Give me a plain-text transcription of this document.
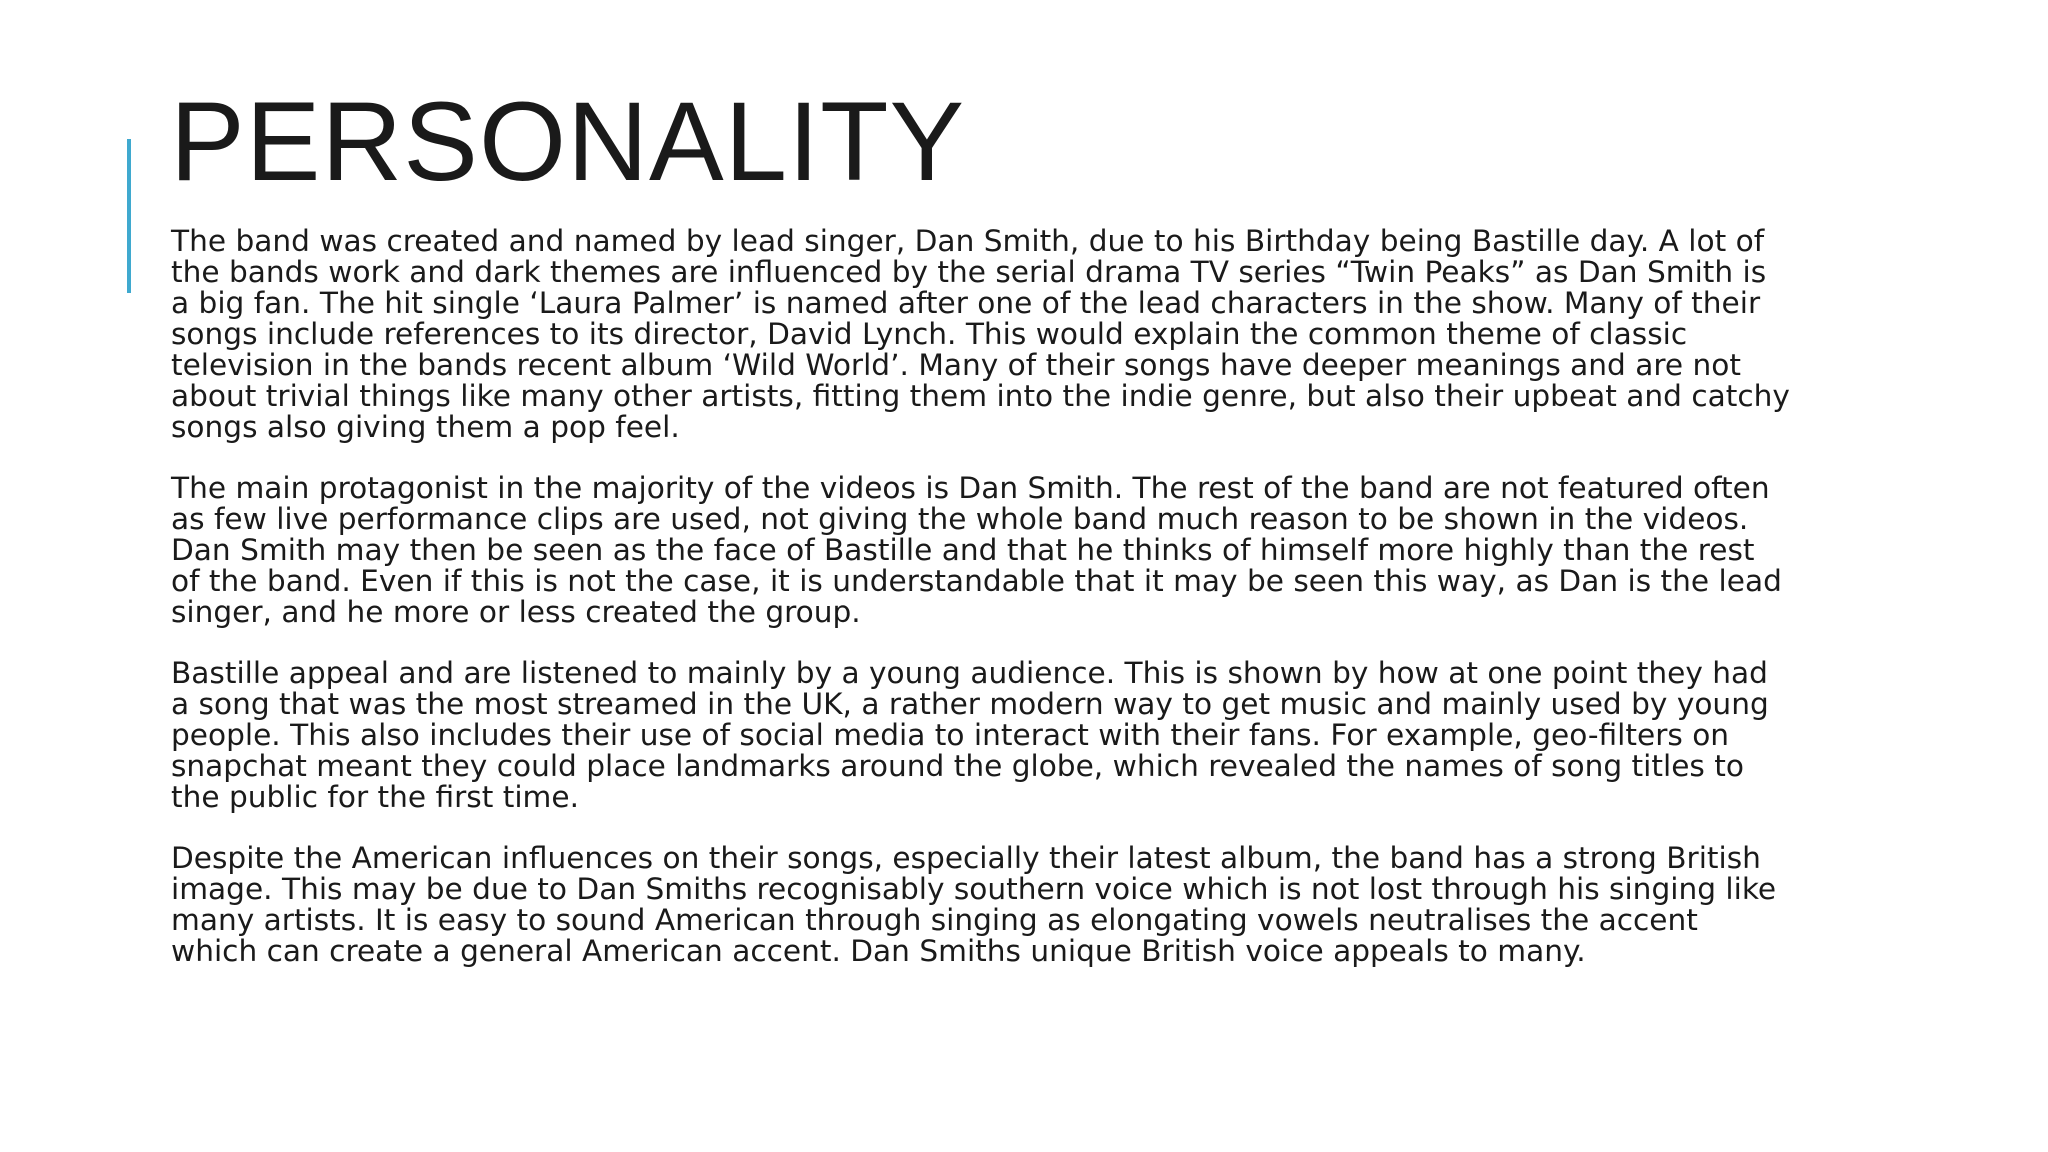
PERSONALITY

The band was created and named by lead singer, Dan Smith, due to his Birthday being Bastille day. A lot of the bands work and dark themes are influenced by the serial drama TV series “Twin Peaks” as Dan Smith is a big fan. The hit single ‘Laura Palmer’ is named after one of the lead characters in the show. Many of their songs include references to its director, David Lynch. This would explain the common theme of classic television in the bands recent album ‘Wild World’. Many of their songs have deeper meanings and are not about trivial things like many other artists, fitting them into the indie genre, but also their upbeat and catchy songs also giving them a pop feel.

The main protagonist in the majority of the videos is Dan Smith. The rest of the band are not featured often as few live performance clips are used, not giving the whole band much reason to be shown in the videos. Dan Smith may then be seen as the face of Bastille and that he thinks of himself more highly than the rest of the band. Even if this is not the case, it is understandable that it may be seen this way, as Dan is the lead singer, and he more or less created the group.

Bastille appeal and are listened to mainly by a young audience. This is shown by how at one point they had a song that was the most streamed in the UK, a rather modern way to get music and mainly used by young people. This also includes their use of social media to interact with their fans. For example, geo-filters on snapchat meant they could place landmarks around the globe, which revealed the names of song titles to the public for the first time.

Despite the American influences on their songs, especially their latest album, the band has a strong British image. This may be due to Dan Smiths recognisably southern voice which is not lost through his singing like many artists. It is easy to sound American through singing as elongating vowels neutralises the accent which can create a general American accent. Dan Smiths unique British voice appeals to many.
